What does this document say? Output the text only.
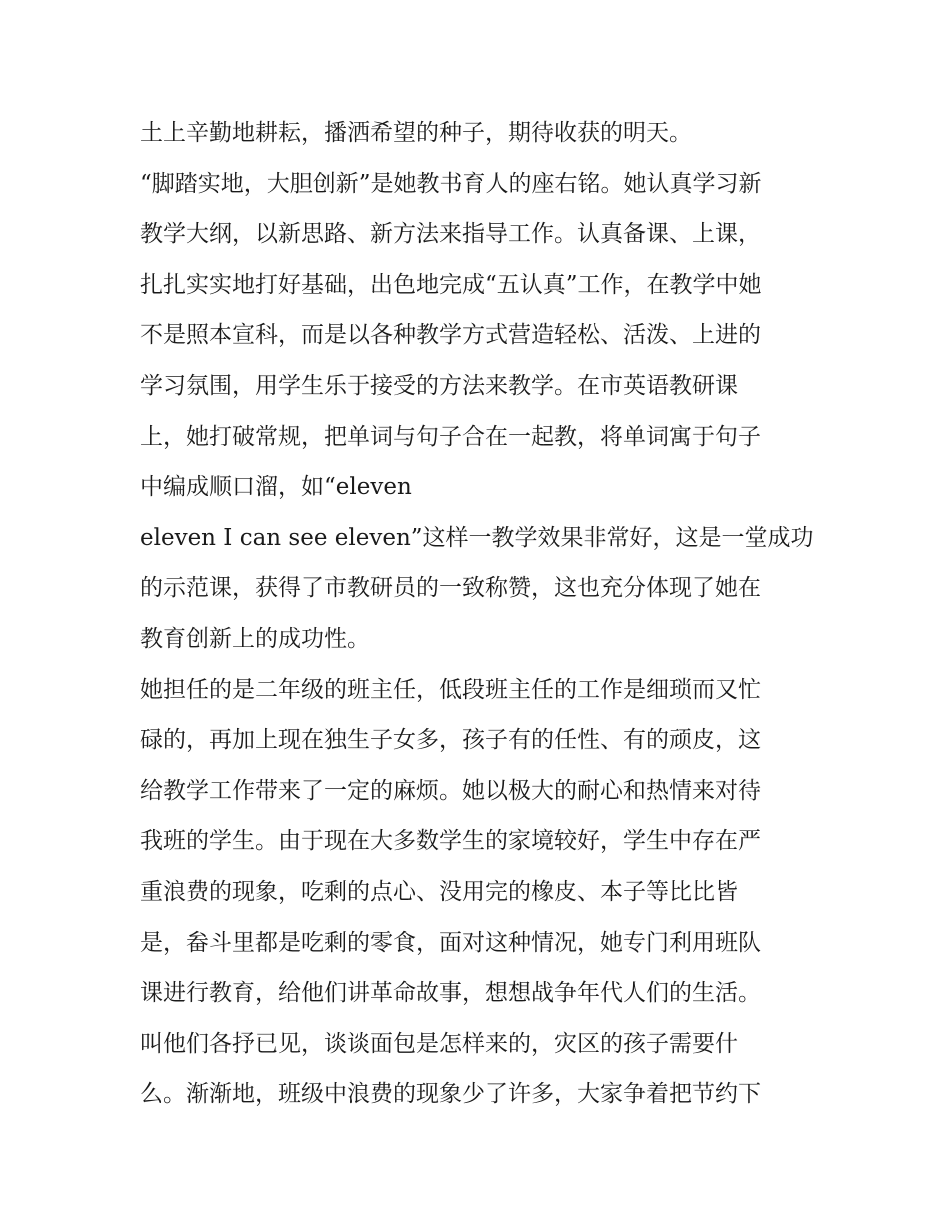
土上辛勤地耕耘，播洒希望的种子，期待收获的明天。
“脚踏实地，大胆创新”是她教书育人的座右铭。她认真学习新
教学大纲，以新思路、新方法来指导工作。认真备课、上课，
扎扎实实地打好基础，出色地完成“五认真”工作，在教学中她
不是照本宣科，而是以各种教学方式营造轻松、活泼、上进的
学习氛围，用学生乐于接受的方法来教学。在市英语教研课
上，她打破常规，把单词与句子合在一起教，将单词寓于句子
中编成顺口溜，如“eleven
eleven I can see eleven”这样一教学效果非常好，这是一堂成功
的示范课，获得了市教研员的一致称赞，这也充分体现了她在
教育创新上的成功性。
她担任的是二年级的班主任，低段班主任的工作是细琐而又忙
碌的，再加上现在独生子女多，孩子有的任性、有的顽皮，这
给教学工作带来了一定的麻烦。她以极大的耐心和热情来对待
我班的学生。由于现在大多数学生的家境较好，学生中存在严
重浪费的现象，吃剩的点心、没用完的橡皮、本子等比比皆
是，畚斗里都是吃剩的零食，面对这种情况，她专门利用班队
课进行教育，给他们讲革命故事，想想战争年代人们的生活。
叫他们各抒已见，谈谈面包是怎样来的，灾区的孩子需要什
么。渐渐地，班级中浪费的现象少了许多，大家争着把节约下
